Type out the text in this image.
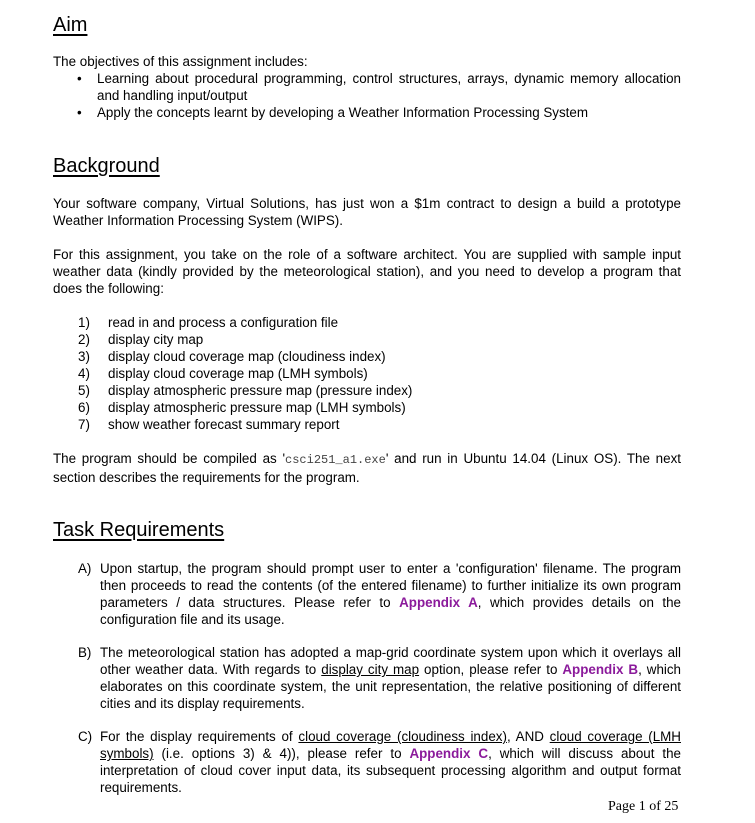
Aim

The objectives of this assignment includes:

• Learning about procedural programming, control structures, arrays, dynamic memory allocation and handling input/output
• Apply the concepts learnt by developing a Weather Information Processing System
Background

Your software company, Virtual Solutions, has just won a $1m contract to design a build a prototype Weather Information Processing System (WIPS).

For this assignment, you take on the role of a software architect. You are supplied with sample input weather data (kindly provided by the meteorological station), and you need to develop a program that does the following:

1) read in and process a configuration file
2) display city map
3) display cloud coverage map (cloudiness index)
4) display cloud coverage map (LMH symbols)
5) display atmospheric pressure map (pressure index)
6) display atmospheric pressure map (LMH symbols)
7) show weather forecast summary report

The program should be compiled as 'csci251_a1.exe' and run in Ubuntu 14.04 (Linux OS). The next section describes the requirements for the program.

Task Requirements
A) Upon startup, the program should prompt user to enter a 'configuration' filename. The program then proceeds to read the contents (of the entered filename) to further initialize its own program parameters / data structures. Please refer to Appendix A, which provides details on the configuration file and its usage.
B) The meteorological station has adopted a map-grid coordinate system upon which it overlays all other weather data. With regards to display city map option, please refer to Appendix B, which elaborates on this coordinate system, the unit representation, the relative positioning of different cities and its display requirements.
C) For the display requirements of cloud coverage (cloudiness index), AND cloud coverage (LMH symbols) (i.e. options 3) & 4)), please refer to Appendix C, which will discuss about the interpretation of cloud cover input data, its subsequent processing algorithm and output format requirements.
Page 1 of 25
